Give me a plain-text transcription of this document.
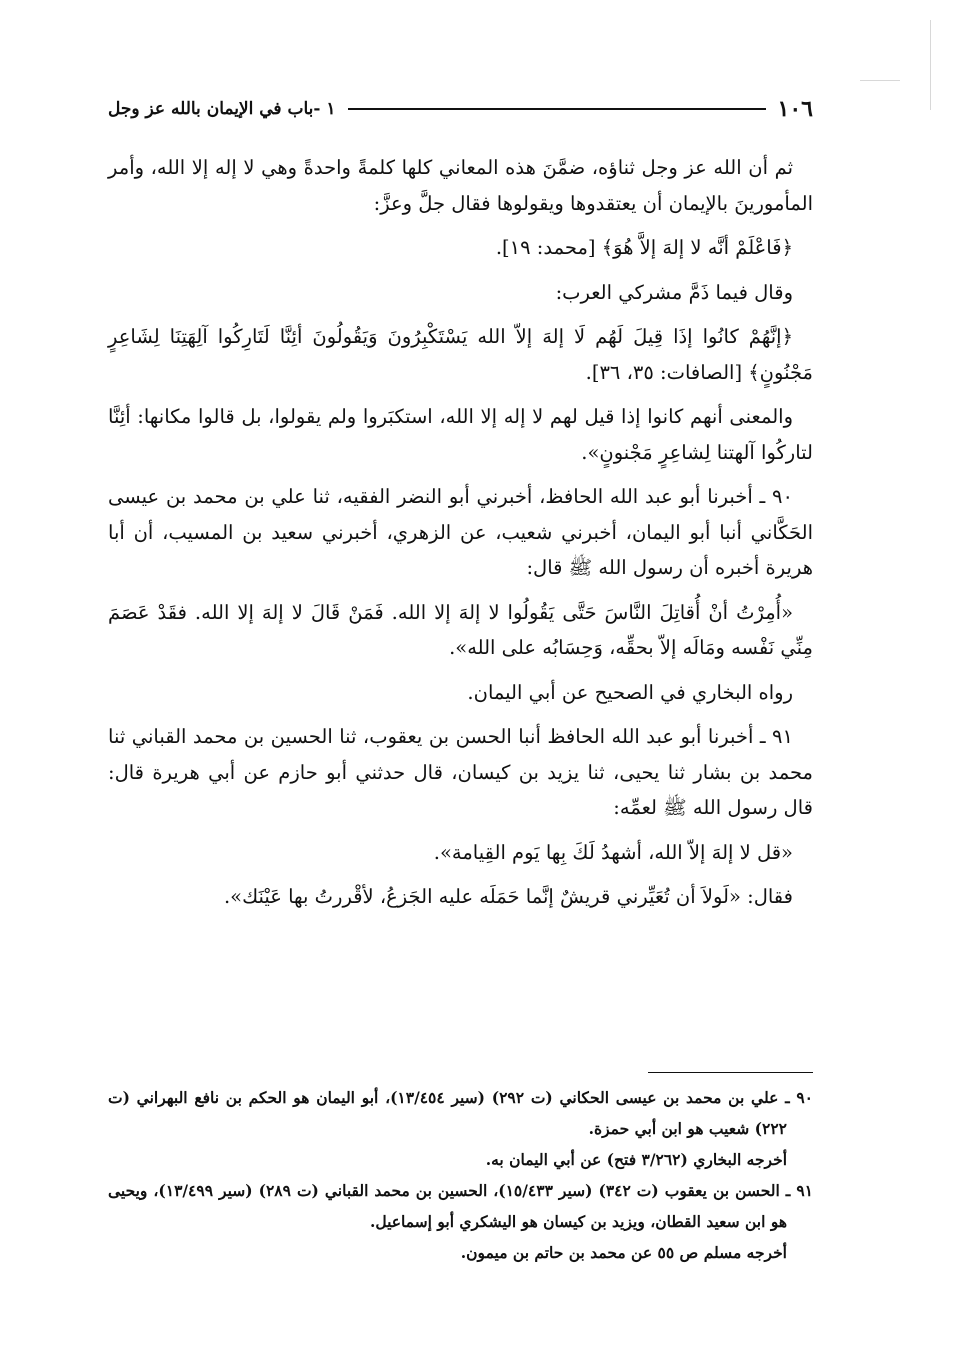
١٠٦
١ -باب في الإيمان بالله عز وجل

ثم أن الله عز وجل ثناؤه، ضمَّنَ هذه المعاني كلها كلمةً واحدةً وهي لا إله إلا الله، وأمر المأمورينَ بالإيمان أن يعتقدوها ويقولوها فقال جلَّ وعزَّ:

﴿فَاعْلَمْ أنَّه لا إلهَ إلاَّ هُوَ﴾ [محمد: ١٩].

وقال فيما ذَمَّ مشركي العرب:

﴿إنَّهُمْ كانُوا إذَا قِيلَ لَهُم لَا إلهَ إلاّ الله يَسْتَكْبِرُونَ وَيَقُولُونَ أئِنَّا لَتَارِكُوا آلِهَتِنَا لِشَاعِرٍ مَجْنُونٍ﴾ [الصافات: ٣٥، ٣٦].

والمعنى أنهم كانوا إذا قيل لهم لا إله إلا الله، استكبَروا ولم يقولوا، بل قالوا مكانها: أئِنَّا لتاركُوا آلهتنا لِشاعِرٍ مَجْنونٍ».

٩٠ ـ أخبرنا أبو عبد الله الحافظ، أخبرني أبو النضر الفقيه، ثنا علي بن محمد بن عيسى الحَكَّاني أنبا أبو اليمان، أخبرني شعيب، عن الزهري، أخبرني سعيد بن المسيب، أن أبا هريرة أخبره أن رسول الله ﷺ قال:

«أُمِرْتُ أنْ أُقاتِلَ النَّاسَ حَتَّى يَقُولُوا لا إلهَ إلا الله. فَمَنْ قَالَ لا إلهَ إلا الله. فقَدْ عَصَمَ مِنِّي نَفْسه ومَالَه إلاّ بحقِّه، وَحِسَابُه على الله».

رواه البخاري في الصحيح عن أبي اليمان.

٩١ ـ أخبرنا أبو عبد الله الحافظ أنبا الحسن بن يعقوب، ثنا الحسين بن محمد القباني ثنا محمد بن بشار ثنا يحيى، ثنا يزيد بن كيسان، قال حدثني أبو حازم عن أبي هريرة قال: قال رسول الله ﷺ لعمِّه:

«قل لا إلهَ إلاّ الله، أشهدُ لَكَ بِها يَوم القِيامة».

فقال: «لَولاَ أن تُعَيِّرني قريشٌ إنَّما حَمَلَه عليه الجَزعُ، لأقْررتُ بها عَيْنَك».

٩٠ ـ علي بن محمد بن عيسى الحكاني (ت ٢٩٢) (سير ١٣/٤٥٤)، أبو اليمان هو الحكم بن نافع البهراني (ت ٢٢٢) شعيب هو ابن أبي حمزة.

أخرجه البخاري (٣/٢٦٢ فتح) عن أبي اليمان به.

٩١ ـ الحسن بن يعقوب (ت ٣٤٢) (سير ١٥/٤٣٣)، الحسين بن محمد القباني (ت ٢٨٩) (سير ١٣/٤٩٩)، ويحيى هو ابن سعيد القطان، ويزيد بن كيسان هو اليشكري أبو إسماعيل.

أخرجه مسلم ص ٥٥ عن محمد بن حاتم بن ميمون.
